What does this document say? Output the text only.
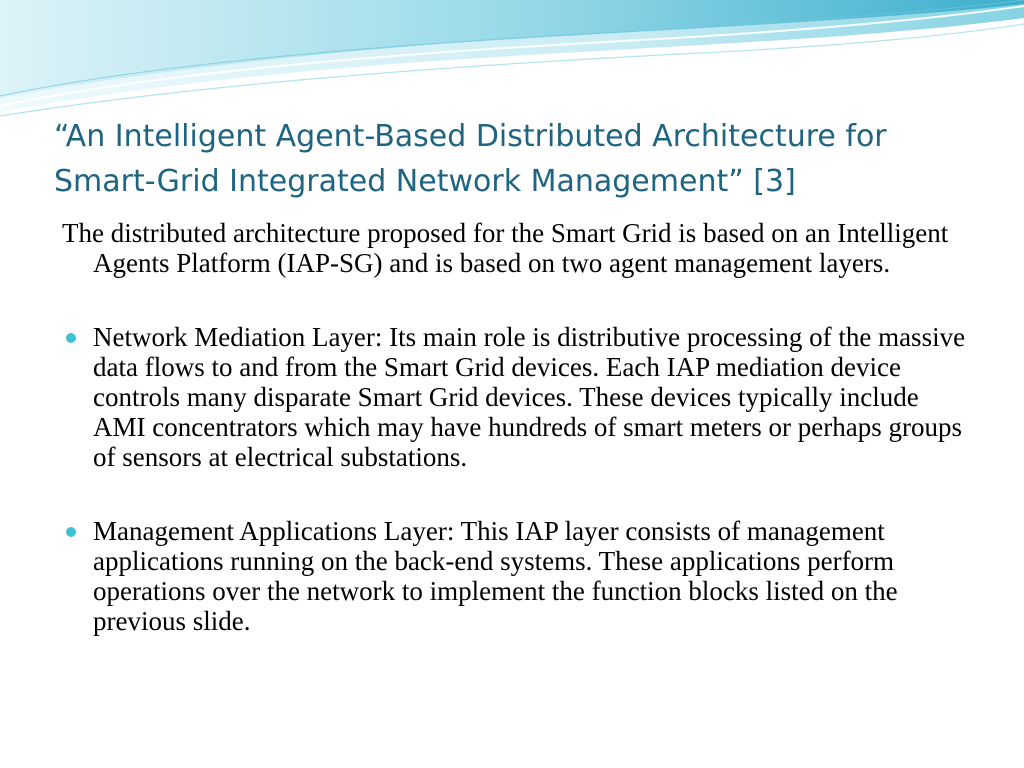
“An Intelligent Agent-Based Distributed Architecture for
Smart-Grid Integrated Network Management” [3]

The distributed architecture proposed for the Smart Grid is based on an Intelligent Agents Platform (IAP-SG) and is based on two agent management layers.

Network Mediation Layer: Its main role is distributive processing of the massive data flows to and from the Smart Grid devices. Each IAP mediation device controls many disparate Smart Grid devices. These devices typically include AMI concentrators which may have hundreds of smart meters or perhaps groups of sensors at electrical substations.
Management Applications Layer: This IAP layer consists of management applications running on the back-end systems. These applications perform operations over the network to implement the function blocks listed on the previous slide.
